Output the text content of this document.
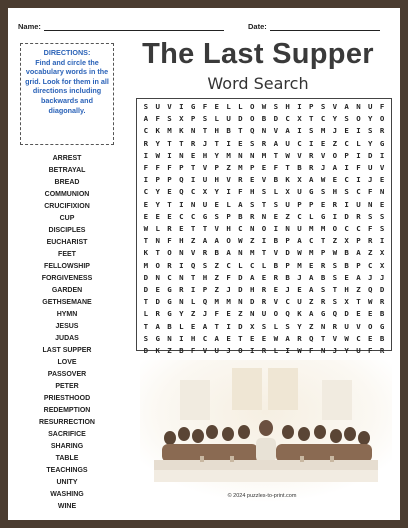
Name:	Date:
DIRECTIONS:
Find and circle the vocabulary words in the grid. Look for them in all directions including backwards and diagonally.
The Last Supper
Word Search
ARREST
BETRAYAL
BREAD
COMMUNION
CRUCIFIXION
CUP
DISCIPLES
EUCHARIST
FEET
FELLOWSHIP
FORGIVENESS
GARDEN
GETHSEMANE
HYMN
JESUS
JUDAS
LAST SUPPER
LOVE
PASSOVER
PETER
PRIESTHOOD
REDEMPTION
RESURRECTION
SACRIFICE
SHARING
TABLE
TEACHINGS
UNITY
WASHING
WINE
S U V I G F E L L O W S H I P S V A N U F
A F S X P S L U D O B D C X T C Y S O Y O
C K M K N T H B T Q N V A I S M J E I S R
R Y T T R J T I E S R A U C I E Z C L Y G
I W I N E H Y M N N M T W V R V O P I D I
F F F P T V P Z M P E F T B R J A I F U V
I P P Q I U H V R E V B K X A W E C I J E
C Y E Q C X Y I F H S L X U G S H S C F N
E Y T I N U E L A S T S U P P E R I U N E
E E E C C G S P B R N E Z C L G I D R S S
W L R E T T V H C N O I N U M M O C C F S
T N F H Z A A O W Z I B P A C T Z X P R I
K T O N V R B A N M T V D W M P W B A Z X
M O R I Q S Z C L C L B P M E R S B P C X
D N C N T H Z F D A E R B J A B S E A J J
D E G R I P Z J D H R E J E A S T H Z Q D
T D G N L Q M M N D R V C U Z R S X T W R
L R G Y Z J F E Z N U O Q K A G Q D E E B
T A B L E A T I D X S L S Y Z N R U V O G
S G N I H C A E T E E W A R Q T V W C E B
D K Z B F V U J O I R L I W F N J Y U F R
© 2024 puzzles-to-print.com
